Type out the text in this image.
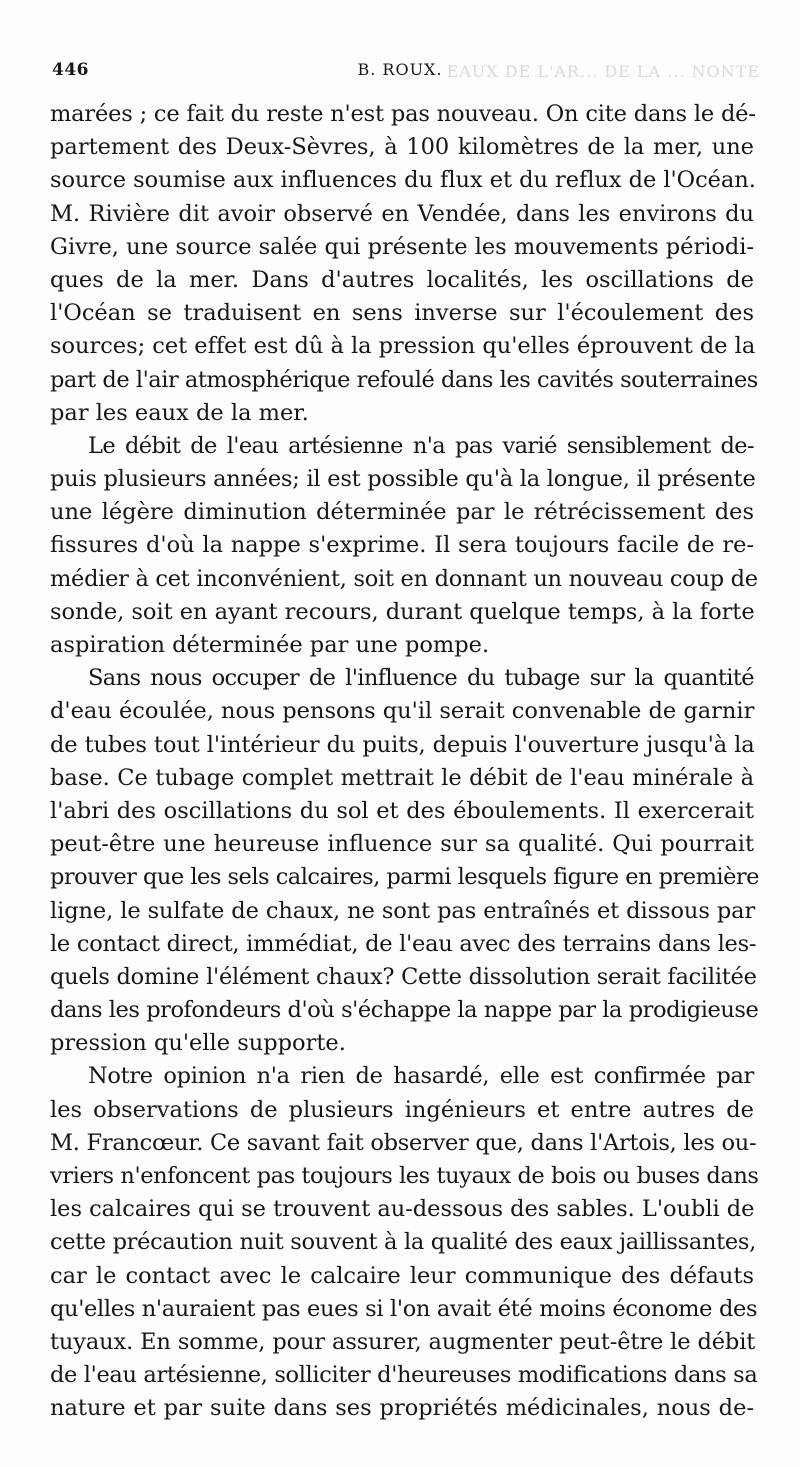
EAUX DE L'AR... DE LA ... NONTE
446	B. ROUX.
marées ; ce fait du reste n'est pas nouveau. On cite dans le dé-
partement des Deux-Sèvres, à 100 kilomètres de la mer, une
source soumise aux influences du flux et du reflux de l'Océan.
M. Rivière dit avoir observé en Vendée, dans les environs du
Givre, une source salée qui présente les mouvements périodi-
ques de la mer. Dans d'autres localités, les oscillations de
l'Océan se traduisent en sens inverse sur l'écoulement des
sources; cet effet est dû à la pression qu'elles éprouvent de la
part de l'air atmosphérique refoulé dans les cavités souterraines
par les eaux de la mer.
Le débit de l'eau artésienne n'a pas varié sensiblement de-
puis plusieurs années; il est possible qu'à la longue, il présente
une légère diminution déterminée par le rétrécissement des
fissures d'où la nappe s'exprime. Il sera toujours facile de re-
médier à cet inconvénient, soit en donnant un nouveau coup de
sonde, soit en ayant recours, durant quelque temps, à la forte
aspiration déterminée par une pompe.
Sans nous occuper de l'influence du tubage sur la quantité
d'eau écoulée, nous pensons qu'il serait convenable de garnir
de tubes tout l'intérieur du puits, depuis l'ouverture jusqu'à la
base. Ce tubage complet mettrait le débit de l'eau minérale à
l'abri des oscillations du sol et des éboulements. Il exercerait
peut-être une heureuse influence sur sa qualité. Qui pourrait
prouver que les sels calcaires, parmi lesquels figure en première
ligne, le sulfate de chaux, ne sont pas entraînés et dissous par
le contact direct, immédiat, de l'eau avec des terrains dans les-
quels domine l'élément chaux? Cette dissolution serait facilitée
dans les profondeurs d'où s'échappe la nappe par la prodigieuse
pression qu'elle supporte.
Notre opinion n'a rien de hasardé, elle est confirmée par
les observations de plusieurs ingénieurs et entre autres de
M. Francœur. Ce savant fait observer que, dans l'Artois, les ou-
vriers n'enfoncent pas toujours les tuyaux de bois ou buses dans
les calcaires qui se trouvent au-dessous des sables. L'oubli de
cette précaution nuit souvent à la qualité des eaux jaillissantes,
car le contact avec le calcaire leur communique des défauts
qu'elles n'auraient pas eues si l'on avait été moins économe des
tuyaux. En somme, pour assurer, augmenter peut-être le débit
de l'eau artésienne, solliciter d'heureuses modifications dans sa
nature et par suite dans ses propriétés médicinales, nous de-
